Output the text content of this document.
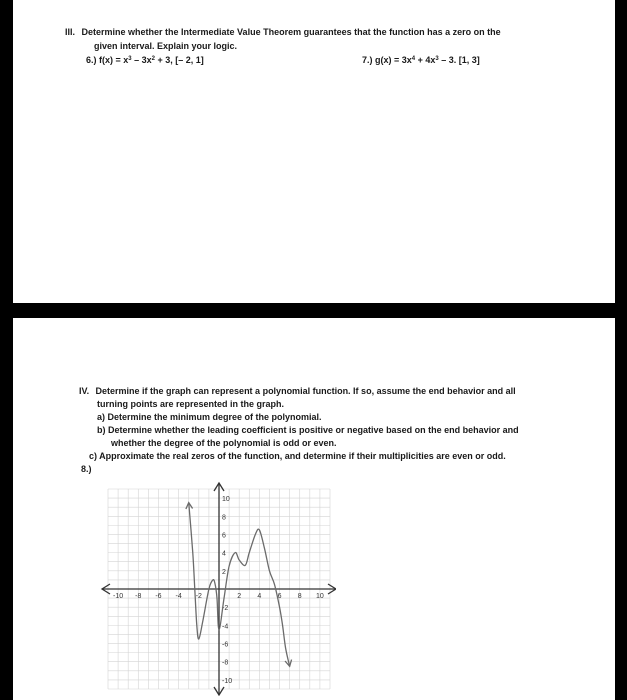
III. Determine whether the Intermediate Value Theorem guarantees that the function has a zero on the
given interval. Explain your logic.
6.) $f(x) = x^3 - 3x^2 + 3$, [– 2, 1]	7.) $g(x) = 3x^4 + 4x^3 - 3$. [1, 3]
IV. Determine if the graph can represent a polynomial function. If so, assume the end behavior and all
turning points are represented in the graph.
a) Determine the minimum degree of the polynomial.
b) Determine whether the leading coefficient is positive or negative based on the end behavior and
whether the degree of the polynomial is odd or even.
c) Approximate the real zeros of the function, and determine if their multiplicities are even or odd.
8.)
-10 -8 -6 -4 -2	2 4 6 8 10
10
8
6
4
2
-2
-4
-6
-8
-10
